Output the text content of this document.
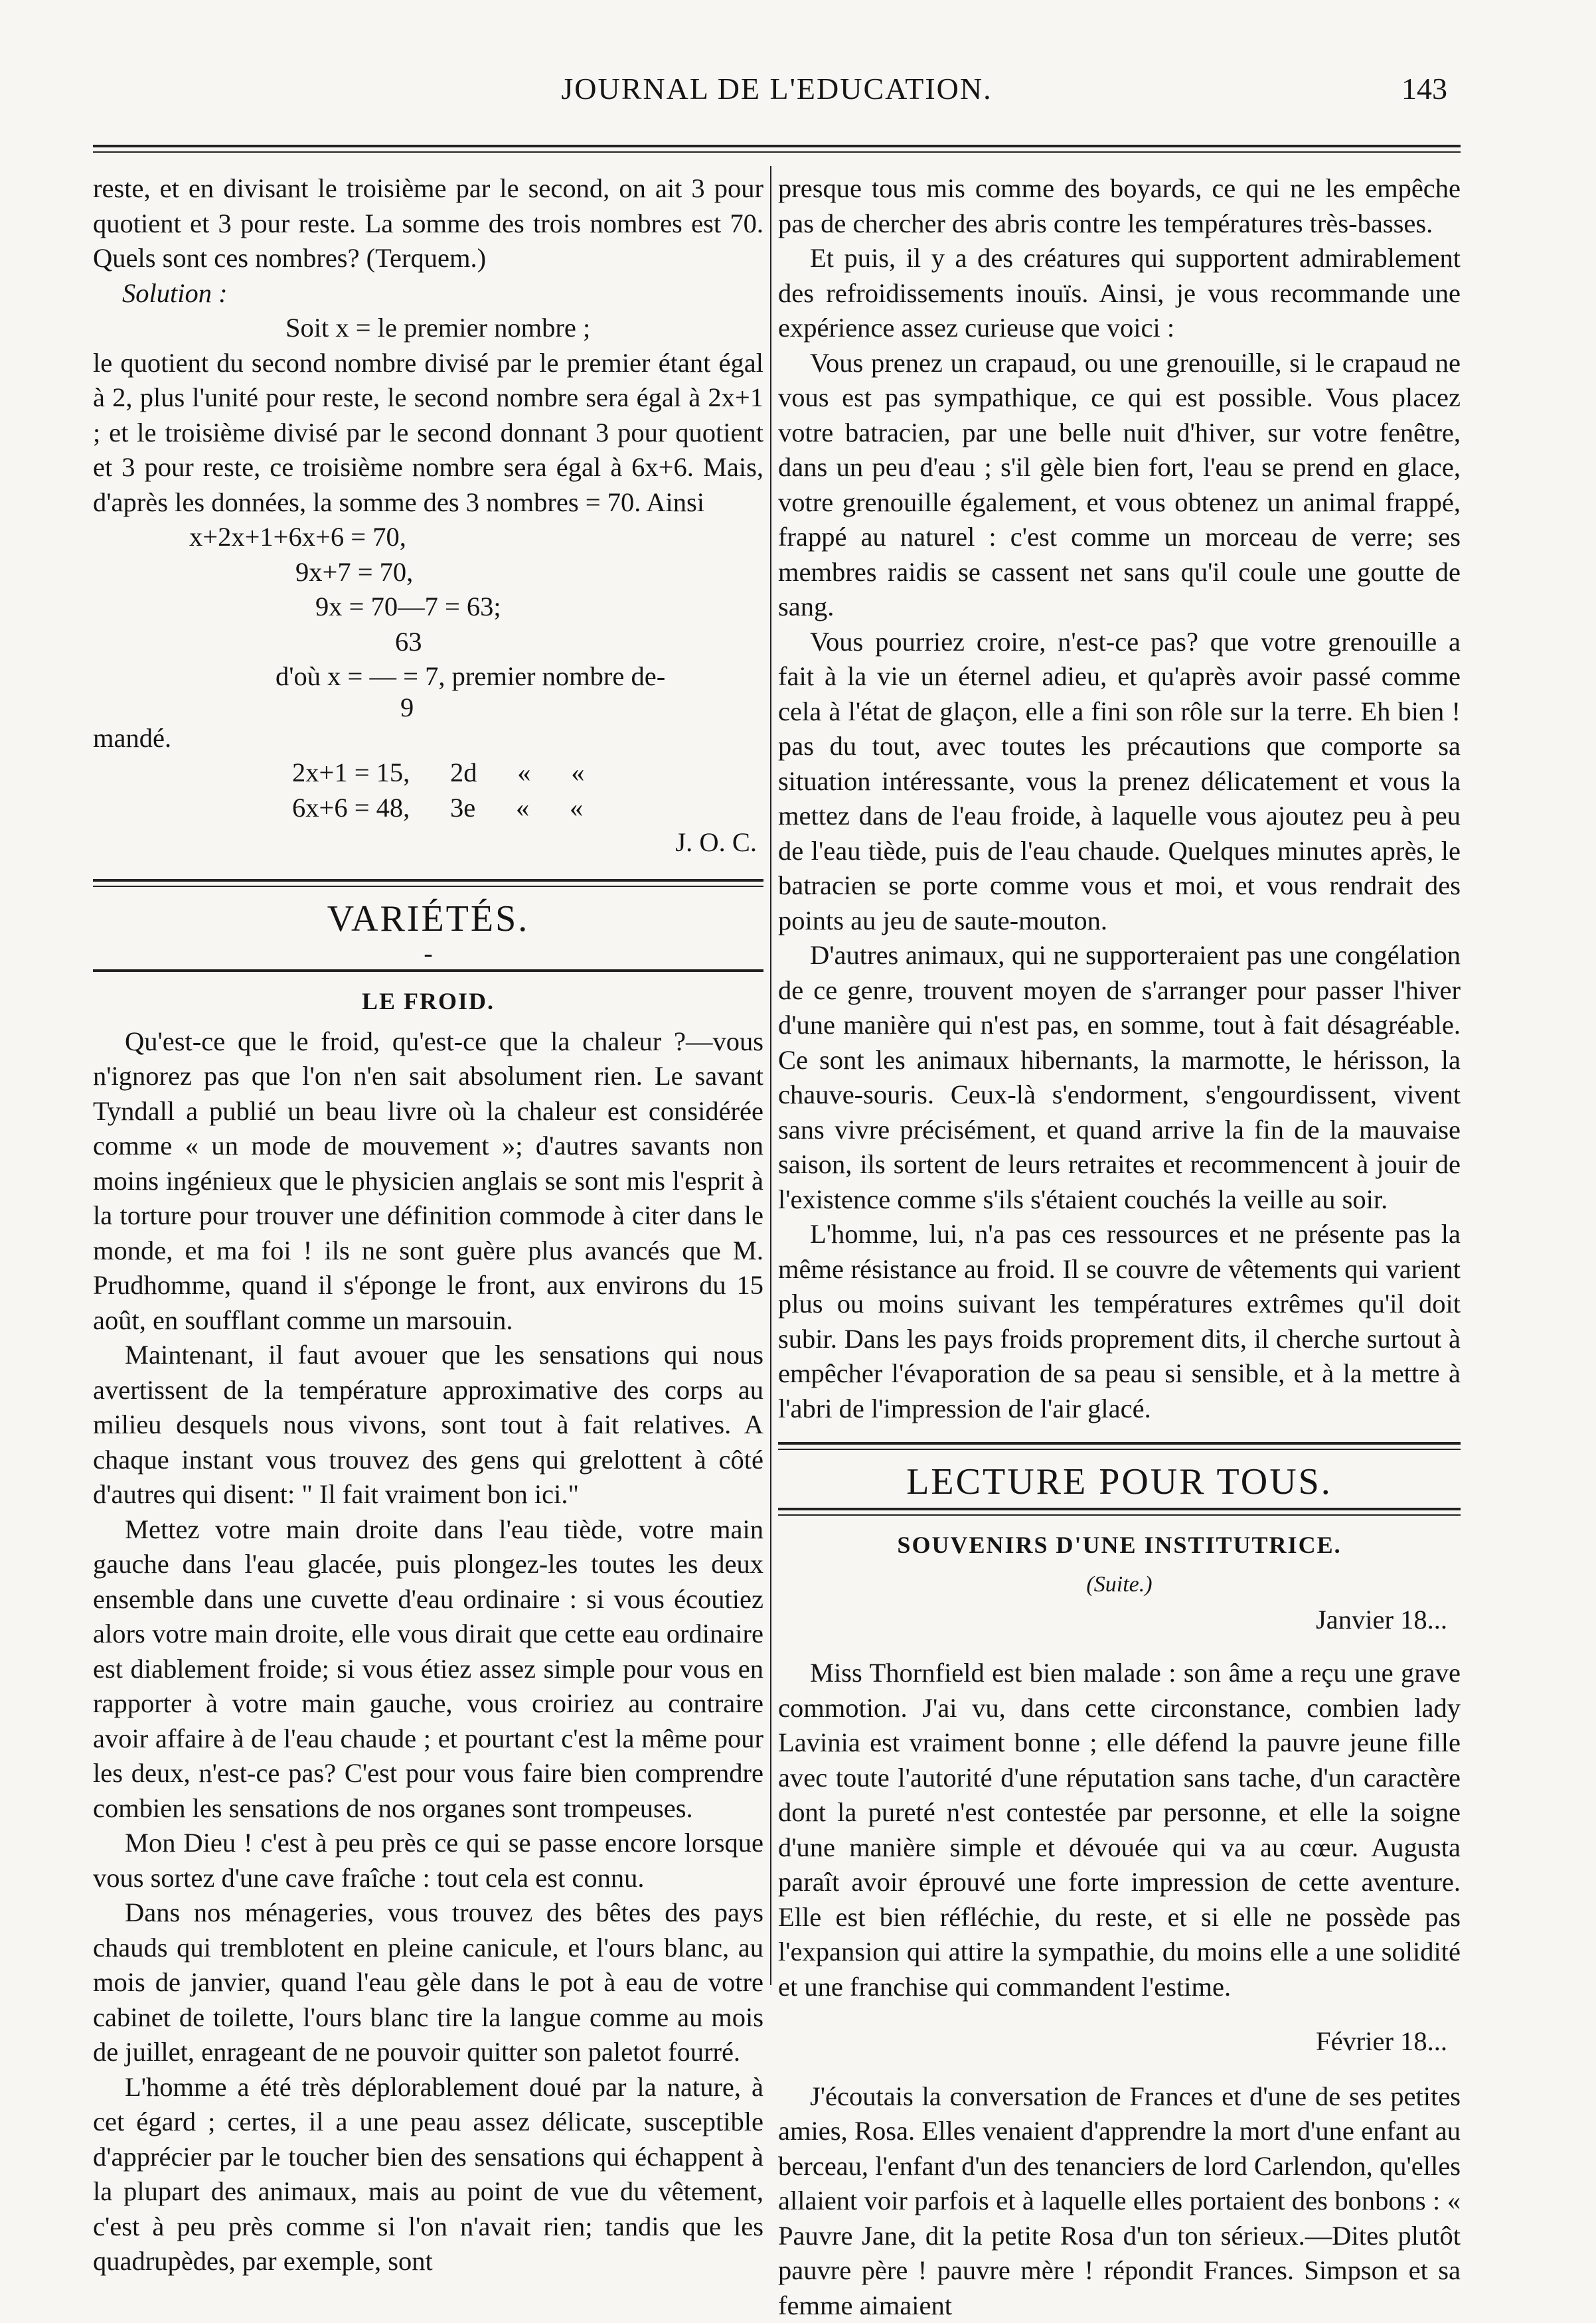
JOURNAL DE L'EDUCATION.	143

reste, et en divisant le troisième par le second, on ait 3 pour quotient et 3 pour reste. La somme des trois nombres est 70. Quels sont ces nombres? (Terquem.)

Solution :

Soit x = le premier nombre ;

le quotient du second nombre divisé par le premier étant égal à 2, plus l'unité pour reste, le second nombre sera égal à 2x+1 ; et le troisième divisé par le second donnant 3 pour quotient et 3 pour reste, ce troisième nombre sera égal à 6x+6. Mais, d'après les données, la somme des 3 nombres = 70. Ainsi

x+2x+1+6x+6 = 70,

9x+7 = 70,

9x = 70—7 = 63;

63

d'où x = — = 7, premier nombre de-

9

mandé.

2x+1 = 15,      2d      «      «

6x+6 = 48,      3e      «      «

J. O. C.

VARIÉTÉS.

-

LE FROID.

Qu'est-ce que le froid, qu'est-ce que la chaleur ?—vous n'ignorez pas que l'on n'en sait absolument rien. Le savant Tyndall a publié un beau livre où la chaleur est considérée comme « un mode de mouvement »; d'autres savants non moins ingénieux que le physicien anglais se sont mis l'esprit à la torture pour trouver une définition commode à citer dans le monde, et ma foi ! ils ne sont guère plus avancés que M. Prudhomme, quand il s'éponge le front, aux environs du 15 août, en soufflant comme un marsouin.

Maintenant, il faut avouer que les sensations qui nous avertissent de la température approximative des corps au milieu desquels nous vivons, sont tout à fait relatives. A chaque instant vous trouvez des gens qui grelottent à côté d'autres qui disent: " Il fait vraiment bon ici."

Mettez votre main droite dans l'eau tiède, votre main gauche dans l'eau glacée, puis plongez-les toutes les deux ensemble dans une cuvette d'eau ordinaire : si vous écoutiez alors votre main droite, elle vous dirait que cette eau ordinaire est diablement froide; si vous étiez assez simple pour vous en rapporter à votre main gauche, vous croiriez au contraire avoir affaire à de l'eau chaude ; et pourtant c'est la même pour les deux, n'est-ce pas? C'est pour vous faire bien comprendre combien les sensations de nos organes sont trompeuses.

Mon Dieu ! c'est à peu près ce qui se passe encore lorsque vous sortez d'une cave fraîche : tout cela est connu.

Dans nos ménageries, vous trouvez des bêtes des pays chauds qui tremblotent en pleine canicule, et l'ours blanc, au mois de janvier, quand l'eau gèle dans le pot à eau de votre cabinet de toilette, l'ours blanc tire la langue comme au mois de juillet, enrageant de ne pouvoir quitter son paletot fourré.

L'homme a été très déplorablement doué par la nature, à cet égard ; certes, il a une peau assez délicate, susceptible d'apprécier par le toucher bien des sensations qui échappent à la plupart des animaux, mais au point de vue du vêtement, c'est à peu près comme si l'on n'avait rien; tandis que les quadrupèdes, par exemple, sont

presque tous mis comme des boyards, ce qui ne les empêche pas de chercher des abris contre les températures très-basses.

Et puis, il y a des créatures qui supportent admirablement des refroidissements inouïs. Ainsi, je vous recommande une expérience assez curieuse que voici :

Vous prenez un crapaud, ou une grenouille, si le crapaud ne vous est pas sympathique, ce qui est possible. Vous placez votre batracien, par une belle nuit d'hiver, sur votre fenêtre, dans un peu d'eau ; s'il gèle bien fort, l'eau se prend en glace, votre grenouille également, et vous obtenez un animal frappé, frappé au naturel : c'est comme un morceau de verre; ses membres raidis se cassent net sans qu'il coule une goutte de sang.

Vous pourriez croire, n'est-ce pas? que votre grenouille a fait à la vie un éternel adieu, et qu'après avoir passé comme cela à l'état de glaçon, elle a fini son rôle sur la terre. Eh bien ! pas du tout, avec toutes les précautions que comporte sa situation intéressante, vous la prenez délicatement et vous la mettez dans de l'eau froide, à laquelle vous ajoutez peu à peu de l'eau tiède, puis de l'eau chaude. Quelques minutes après, le batracien se porte comme vous et moi, et vous rendrait des points au jeu de saute-mouton.

D'autres animaux, qui ne supporteraient pas une congélation de ce genre, trouvent moyen de s'arranger pour passer l'hiver d'une manière qui n'est pas, en somme, tout à fait désagréable. Ce sont les animaux hibernants, la marmotte, le hérisson, la chauve-souris. Ceux-là s'endorment, s'engourdissent, vivent sans vivre précisément, et quand arrive la fin de la mauvaise saison, ils sortent de leurs retraites et recommencent à jouir de l'existence comme s'ils s'étaient couchés la veille au soir.

L'homme, lui, n'a pas ces ressources et ne présente pas la même résistance au froid. Il se couvre de vêtements qui varient plus ou moins suivant les températures extrêmes qu'il doit subir. Dans les pays froids proprement dits, il cherche surtout à empêcher l'évaporation de sa peau si sensible, et à la mettre à l'abri de l'impression de l'air glacé.

LECTURE POUR TOUS.

SOUVENIRS D'UNE INSTITUTRICE.

(Suite.)

Janvier 18...

Miss Thornfield est bien malade : son âme a reçu une grave commotion. J'ai vu, dans cette circonstance, combien lady Lavinia est vraiment bonne ; elle défend la pauvre jeune fille avec toute l'autorité d'une réputation sans tache, d'un caractère dont la pureté n'est contestée par personne, et elle la soigne d'une manière simple et dévouée qui va au cœur. Augusta paraît avoir éprouvé une forte impression de cette aventure. Elle est bien réfléchie, du reste, et si elle ne possède pas l'expansion qui attire la sympathie, du moins elle a une solidité et une franchise qui commandent l'estime.

Février 18...

J'écoutais la conversation de Frances et d'une de ses petites amies, Rosa. Elles venaient d'apprendre la mort d'une enfant au berceau, l'enfant d'un des tenanciers de lord Carlendon, qu'elles allaient voir parfois et à laquelle elles portaient des bonbons : « Pauvre Jane, dit la petite Rosa d'un ton sérieux.—Dites plutôt pauvre père ! pauvre mère ! répondit Frances. Simpson et sa femme aimaient
